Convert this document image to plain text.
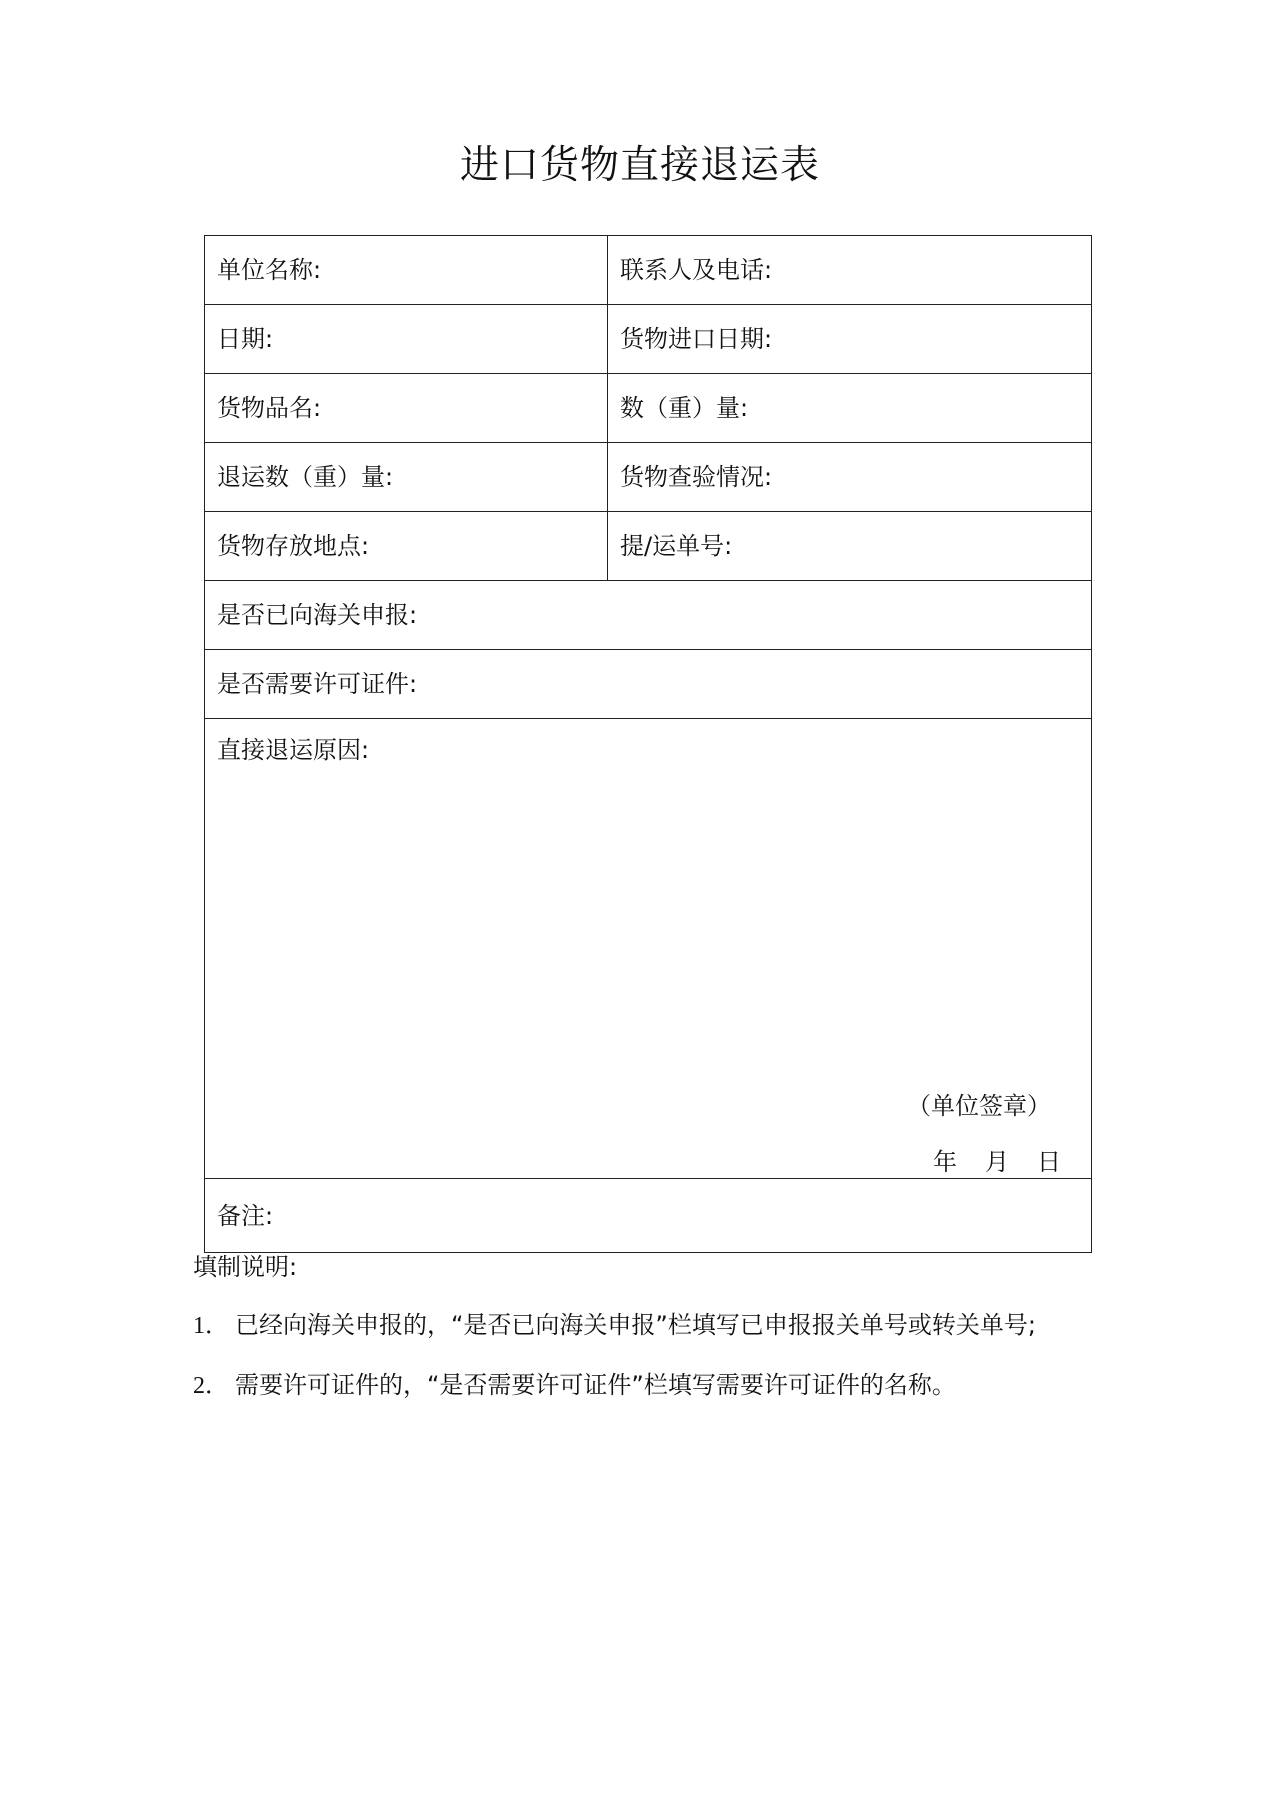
进口货物直接退运表
单位名称:	联系人及电话:
日期:	货物进口日期:
货物品名:	数（重）量:
退运数（重）量:	货物查验情况:
货物存放地点:	提/运单号:
是否已向海关申报:	
是否需要许可证件:	
直接退运原因:
（单位签章）
年 月 日	

备注:	

填制说明:

1． 已经向海关申报的，“是否已向海关申报”栏填写已申报报关单号或转关单号;

2． 需要许可证件的，“是否需要许可证件”栏填写需要许可证件的名称。
